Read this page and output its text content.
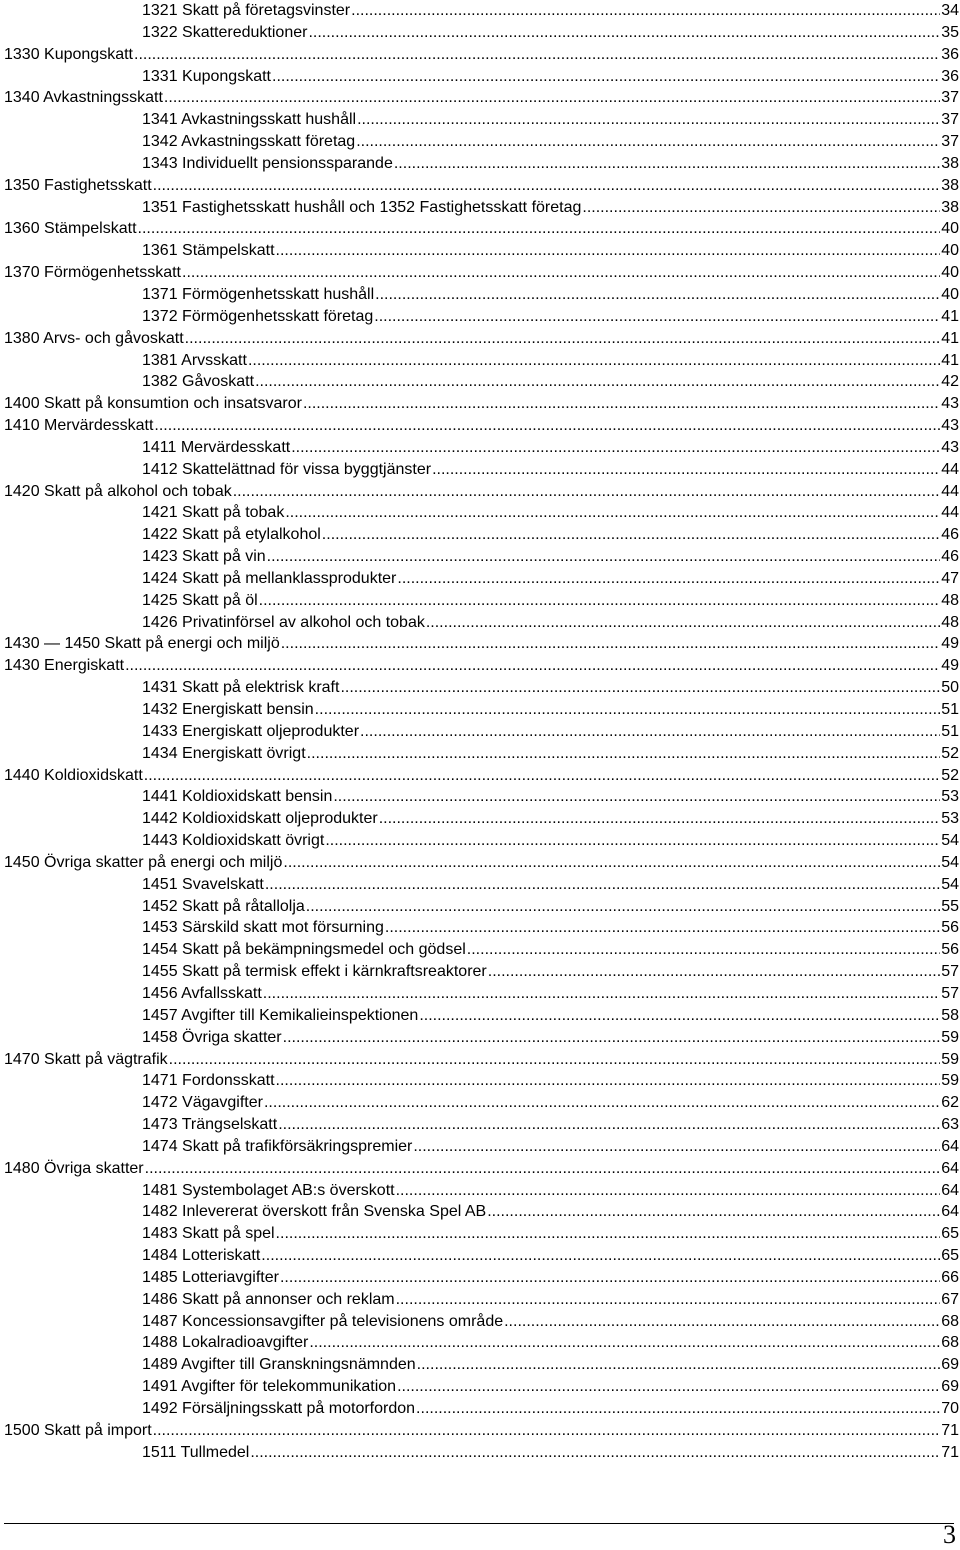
1321 Skatt på företagsvinster .....	34
1322 Skattereduktioner .....	35
1330 Kupongskatt .....	36
1331 Kupongskatt .....	36
1340 Avkastningsskatt .....	37
1341 Avkastningsskatt hushåll .....	37
1342 Avkastningsskatt företag .....	37
1343 Individuellt pensionssparande .....	38
1350 Fastighetsskatt .....	38
1351 Fastighetsskatt hushåll och 1352 Fastighetsskatt företag .....	38
1360 Stämpelskatt .....	40
1361 Stämpelskatt .....	40
1370 Förmögenhetsskatt .....	40
1371 Förmögenhetsskatt hushåll .....	40
1372 Förmögenhetsskatt företag .....	41
1380 Arvs- och gåvoskatt .....	41
1381 Arvsskatt .....	41
1382 Gåvoskatt .....	42
1400 Skatt på konsumtion och insatsvaror .....	43
1410 Mervärdesskatt .....	43
1411 Mervärdesskatt .....	43
1412 Skattelättnad för vissa byggtjänster .....	44
1420 Skatt på alkohol och tobak .....	44
1421 Skatt på tobak .....	44
1422 Skatt på etylalkohol .....	46
1423 Skatt på vin .....	46
1424 Skatt på mellanklassprodukter .....	47
1425 Skatt på öl .....	48
1426 Privatinförsel av alkohol och tobak .....	48
1430 — 1450 Skatt på energi och miljö .....	49
1430 Energiskatt .....	49
1431 Skatt på elektrisk kraft .....	50
1432 Energiskatt bensin .....	51
1433 Energiskatt oljeprodukter .....	51
1434 Energiskatt övrigt .....	52
1440 Koldioxidskatt .....	52
1441 Koldioxidskatt bensin .....	53
1442 Koldioxidskatt oljeprodukter .....	53
1443 Koldioxidskatt övrigt .....	54
1450 Övriga skatter på energi och miljö .....	54
1451 Svavelskatt .....	54
1452 Skatt på råtallolja .....	55
1453 Särskild skatt mot försurning .....	56
1454 Skatt på bekämpningsmedel och gödsel .....	56
1455 Skatt på termisk effekt i kärnkraftsreaktorer .....	57
1456 Avfallsskatt .....	57
1457 Avgifter till Kemikalieinspektionen .....	58
1458 Övriga skatter .....	59
1470 Skatt på vägtrafik .....	59
1471 Fordonsskatt .....	59
1472 Vägavgifter .....	62
1473 Trängselskatt .....	63
1474 Skatt på trafikförsäkringspremier .....	64
1480 Övriga skatter .....	64
1481 Systembolaget AB:s överskott .....	64
1482 Inlevererat överskott från Svenska Spel AB .....	64
1483 Skatt på spel .....	65
1484 Lotteriskatt .....	65
1485 Lotteriavgifter .....	66
1486 Skatt på annonser och reklam .....	67
1487 Koncessionsavgifter på televisionens område .....	68
1488 Lokalradioavgifter .....	68
1489 Avgifter till Granskningsnämnden .....	69
1491 Avgifter för telekommunikation .....	69
1492 Försäljningsskatt på motorfordon .....	70
1500 Skatt på import .....	71
1511 Tullmedel .....	71
3
